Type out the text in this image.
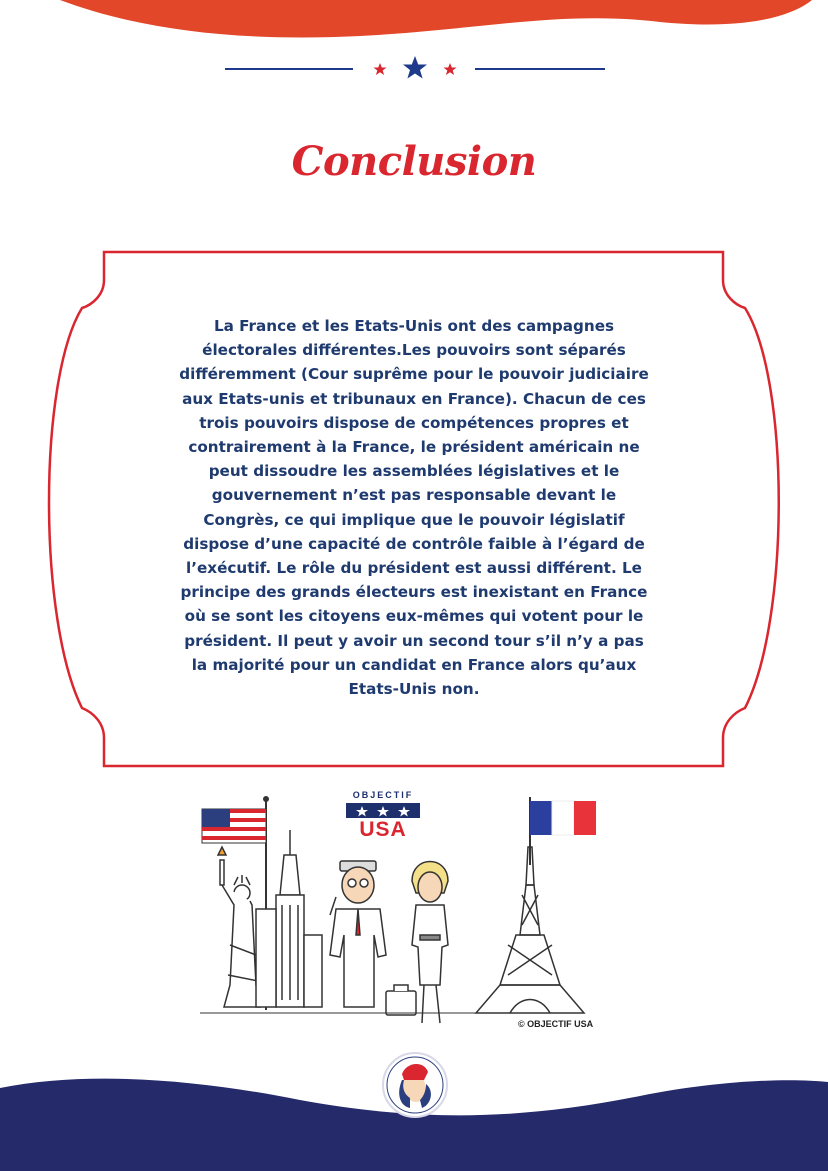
Conclusion

La France et les Etats-Unis ont des campagnes électorales différentes.Les pouvoirs sont séparés différemment (Cour suprême pour le pouvoir judiciaire aux Etats-unis et tribunaux en France). Chacun de ces trois pouvoirs dispose de compétences propres et contrairement à la France, le président américain ne peut dissoudre les assemblées législatives et le gouvernement n’est pas responsable devant le Congrès, ce qui implique que le pouvoir législatif dispose d’une capacité de contrôle faible à l’égard de l’exécutif. Le rôle du président est aussi différent. Le principe des grands électeurs est inexistant en France où se sont les citoyens eux-mêmes qui votent pour le président. Il peut y avoir un second tour s’il n’y a pas la majorité pour un candidat en France alors qu’aux Etats-Unis non.

OBJECTIF
USA
© OBJECTIF USA
